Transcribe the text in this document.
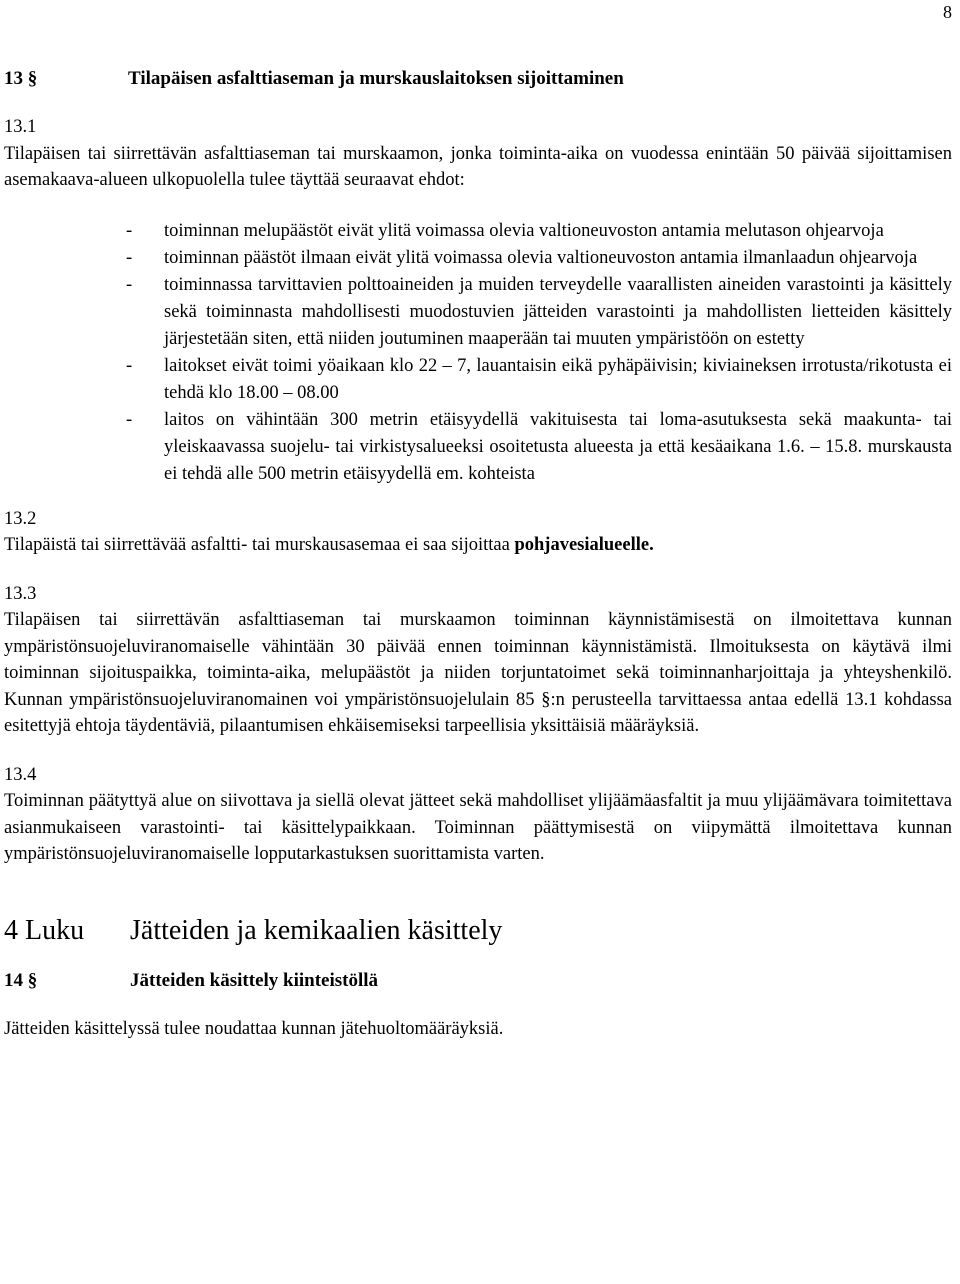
8
13 §	Tilapäisen asfalttiaseman ja murskauslaitoksen sijoittaminen
13.1

Tilapäisen tai siirrettävän asfalttiaseman tai murskaamon, jonka toiminta-aika on vuodessa enintään 50 päivää sijoittamisen asemakaava-alueen ulkopuolella tulee täyttää seuraavat ehdot:

-	toiminnan melupäästöt eivät ylitä voimassa olevia valtioneuvoston antamia melutason ohjearvoja
-	toiminnan päästöt ilmaan eivät ylitä voimassa olevia valtioneuvoston antamia ilmanlaadun ohjearvoja
-	toiminnassa tarvittavien polttoaineiden ja muiden terveydelle vaarallisten aineiden varastointi ja käsittely sekä toiminnasta mahdollisesti muodostuvien jätteiden varastointi ja mahdollisten lietteiden käsittely järjestetään siten, että niiden joutuminen maaperään tai muuten ympäristöön on estetty
-	laitokset eivät toimi yöaikaan klo 22 – 7, lauantaisin eikä pyhäpäivisin; kiviaineksen irrotusta/rikotusta ei tehdä klo 18.00 – 08.00
-	laitos on vähintään 300 metrin etäisyydellä vakituisesta tai loma-asutuksesta sekä maakunta- tai yleiskaavassa suojelu- tai virkistysalueeksi osoitetusta alueesta ja että kesäaikana 1.6. – 15.8. murskausta ei tehdä alle 500 metrin etäisyydellä em. kohteista
13.2

Tilapäistä tai siirrettävää asfaltti- tai murskausasemaa ei saa sijoittaa pohjavesialueelle.

13.3

Tilapäisen tai siirrettävän asfalttiaseman tai murskaamon toiminnan käynnistämisestä on ilmoitettava kunnan ympäristönsuojeluviranomaiselle vähintään 30 päivää ennen toiminnan käynnistämistä. Ilmoituksesta on käytävä ilmi toiminnan sijoituspaikka, toiminta-aika, melupäästöt ja niiden torjuntatoimet sekä toiminnanharjoittaja ja yhteyshenkilö. Kunnan ympäristönsuojeluviranomainen voi ympäristönsuojelulain 85 §:n perusteella tarvittaessa antaa edellä 13.1 kohdassa esitettyjä ehtoja täydentäviä, pilaantumisen ehkäisemiseksi tarpeellisia yksittäisiä määräyksiä.

13.4

Toiminnan päätyttyä alue on siivottava ja siellä olevat jätteet sekä mahdolliset ylijäämäasfaltit ja muu ylijäämävara toimitettava asianmukaiseen varastointi- tai käsittelypaikkaan. Toiminnan päättymisestä on viipymättä ilmoitettava kunnan ympäristönsuojeluviranomaiselle lopputarkastuksen suorittamista varten.

4 Luku	Jätteiden ja kemikaalien käsittely
14 §	Jätteiden käsittely kiinteistöllä

Jätteiden käsittelyssä tulee noudattaa kunnan jätehuoltomääräyksiä.
